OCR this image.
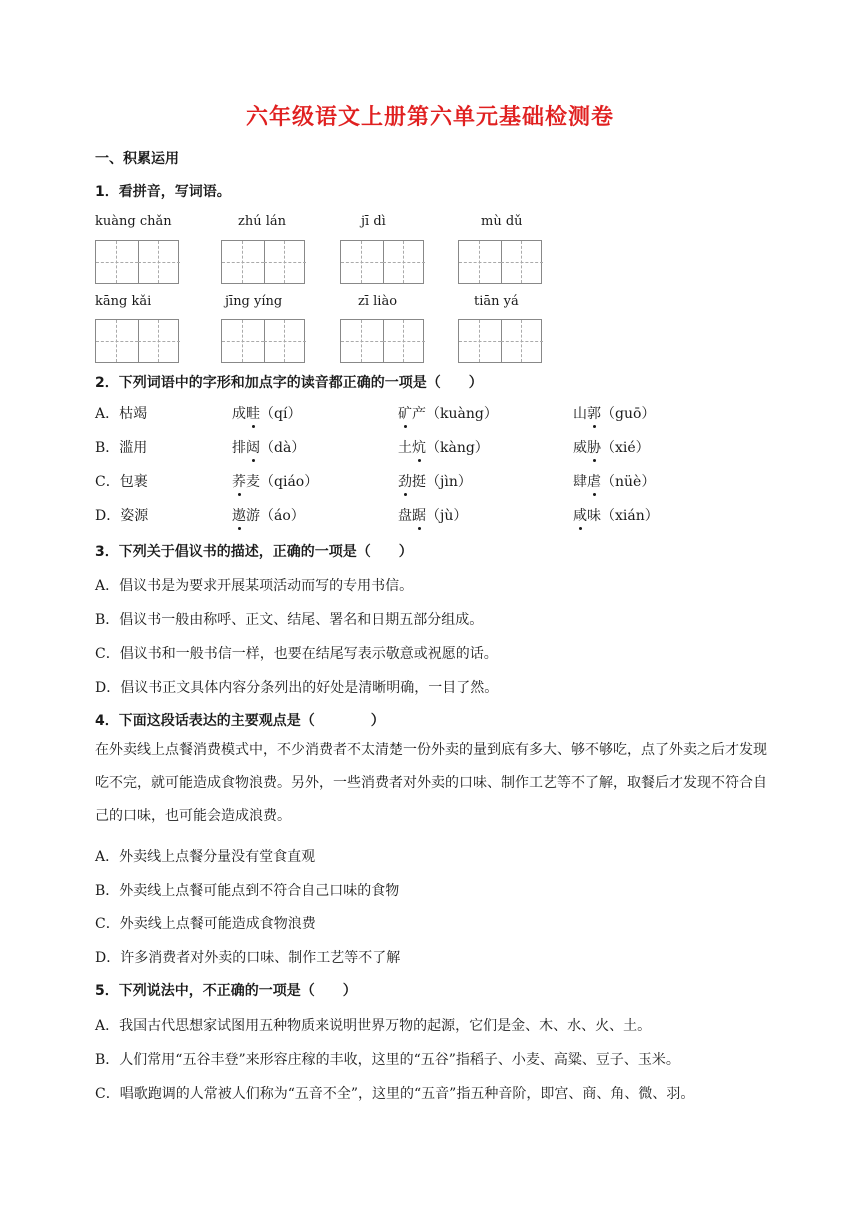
六年级语文上册第六单元基础检测卷
一、积累运用
1．看拼音，写词语。
kuàng chǎn	zhú lán	jī dì	mù dǔ
kāng kǎi	jīng yíng	zī liào	tiān yá
2．下列词语中的字形和加点字的读音都正确的一项是（　　）
A．枯竭	成畦（qí）	矿产（kuàng）	山郭（guō）
B．滥用	排闼（dà）	土炕（kàng）	威胁（xié）
C．包裹	荞麦（qiáo）	劲挺（jìn）	肆虐（nüè）
D．姿源	遨游（áo）	盘踞（jù）	咸味（xián）
3．下列关于倡议书的描述，正确的一项是（　　）
A．倡议书是为要求开展某项活动而写的专用书信。
B．倡议书一般由称呼、正文、结尾、署名和日期五部分组成。
C．倡议书和一般书信一样，也要在结尾写表示敬意或祝愿的话。
D．倡议书正文具体内容分条列出的好处是清晰明确，一目了然。
4．下面这段话表达的主要观点是（　　　　）
在外卖线上点餐消费模式中，不少消费者不太清楚一份外卖的量到底有多大、够不够吃，点了外卖之后才发现吃不完，就可能造成食物浪费。另外，一些消费者对外卖的口味、制作工艺等不了解，取餐后才发现不符合自己的口味，也可能会造成浪费。
A．外卖线上点餐分量没有堂食直观
B．外卖线上点餐可能点到不符合自己口味的食物
C．外卖线上点餐可能造成食物浪费
D．许多消费者对外卖的口味、制作工艺等不了解
5．下列说法中，不正确的一项是（　　）
A．我国古代思想家试图用五种物质来说明世界万物的起源，它们是金、木、水、火、土。
B．人们常用“五谷丰登”来形容庄稼的丰收，这里的“五谷”指稻子、小麦、高粱、豆子、玉米。
C．唱歌跑调的人常被人们称为“五音不全”，这里的“五音”指五种音阶，即宫、商、角、微、羽。
